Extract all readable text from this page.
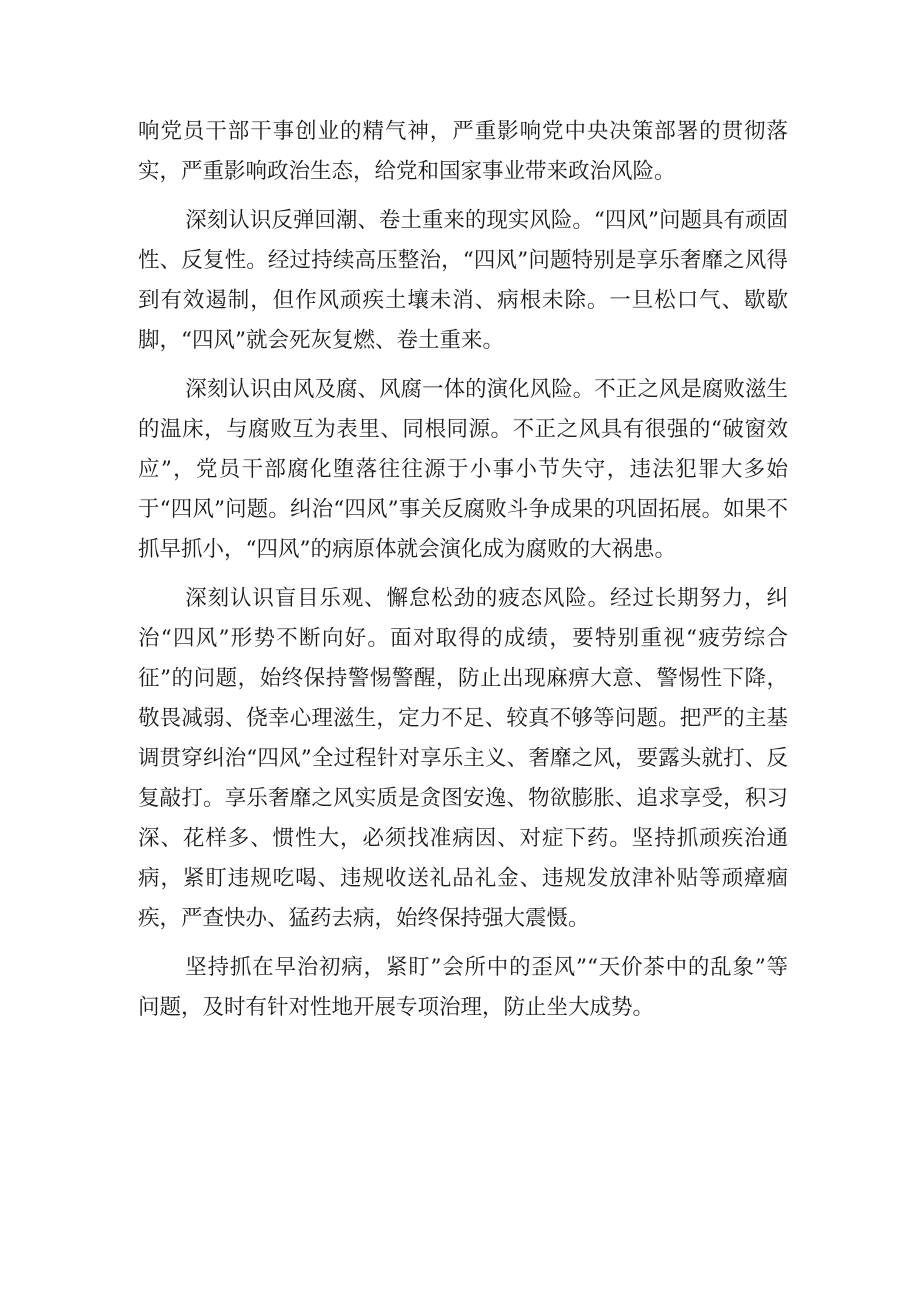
响党员干部干事创业的精气神，严重影响党中央决策部署的贯彻落实，严重影响政治生态，给党和国家事业带来政治风险。

深刻认识反弹回潮、卷土重来的现实风险。“四风”问题具有顽固性、反复性。经过持续高压整治，“四风”问题特别是享乐奢靡之风得到有效遏制，但作风顽疾土壤未消、病根未除。一旦松口气、歇歇脚，“四风”就会死灰复燃、卷土重来。

深刻认识由风及腐、风腐一体的演化风险。不正之风是腐败滋生的温床，与腐败互为表里、同根同源。不正之风具有很强的“破窗效应”，党员干部腐化堕落往往源于小事小节失守，违法犯罪大多始于“四风”问题。纠治“四风”事关反腐败斗争成果的巩固拓展。如果不抓早抓小，“四风”的病原体就会演化成为腐败的大祸患。

深刻认识盲目乐观、懈怠松劲的疲态风险。经过长期努力，纠治“四风”形势不断向好。面对取得的成绩，要特别重视“疲劳综合征”的问题，始终保持警惕警醒，防止出现麻痹大意、警惕性下降，敬畏减弱、侥幸心理滋生，定力不足、较真不够等问题。把严的主基调贯穿纠治“四风”全过程针对享乐主义、奢靡之风，要露头就打、反复敲打。享乐奢靡之风实质是贪图安逸、物欲膨胀、追求享受，积习深、花样多、惯性大，必须找准病因、对症下药。坚持抓顽疾治通病，紧盯违规吃喝、违规收送礼品礼金、违规发放津补贴等顽瘴痼疾，严查快办、猛药去病，始终保持强大震慑。

坚持抓在早治初病，紧盯”会所中的歪风”“天价茶中的乱象”等问题，及时有针对性地开展专项治理，防止坐大成势。
